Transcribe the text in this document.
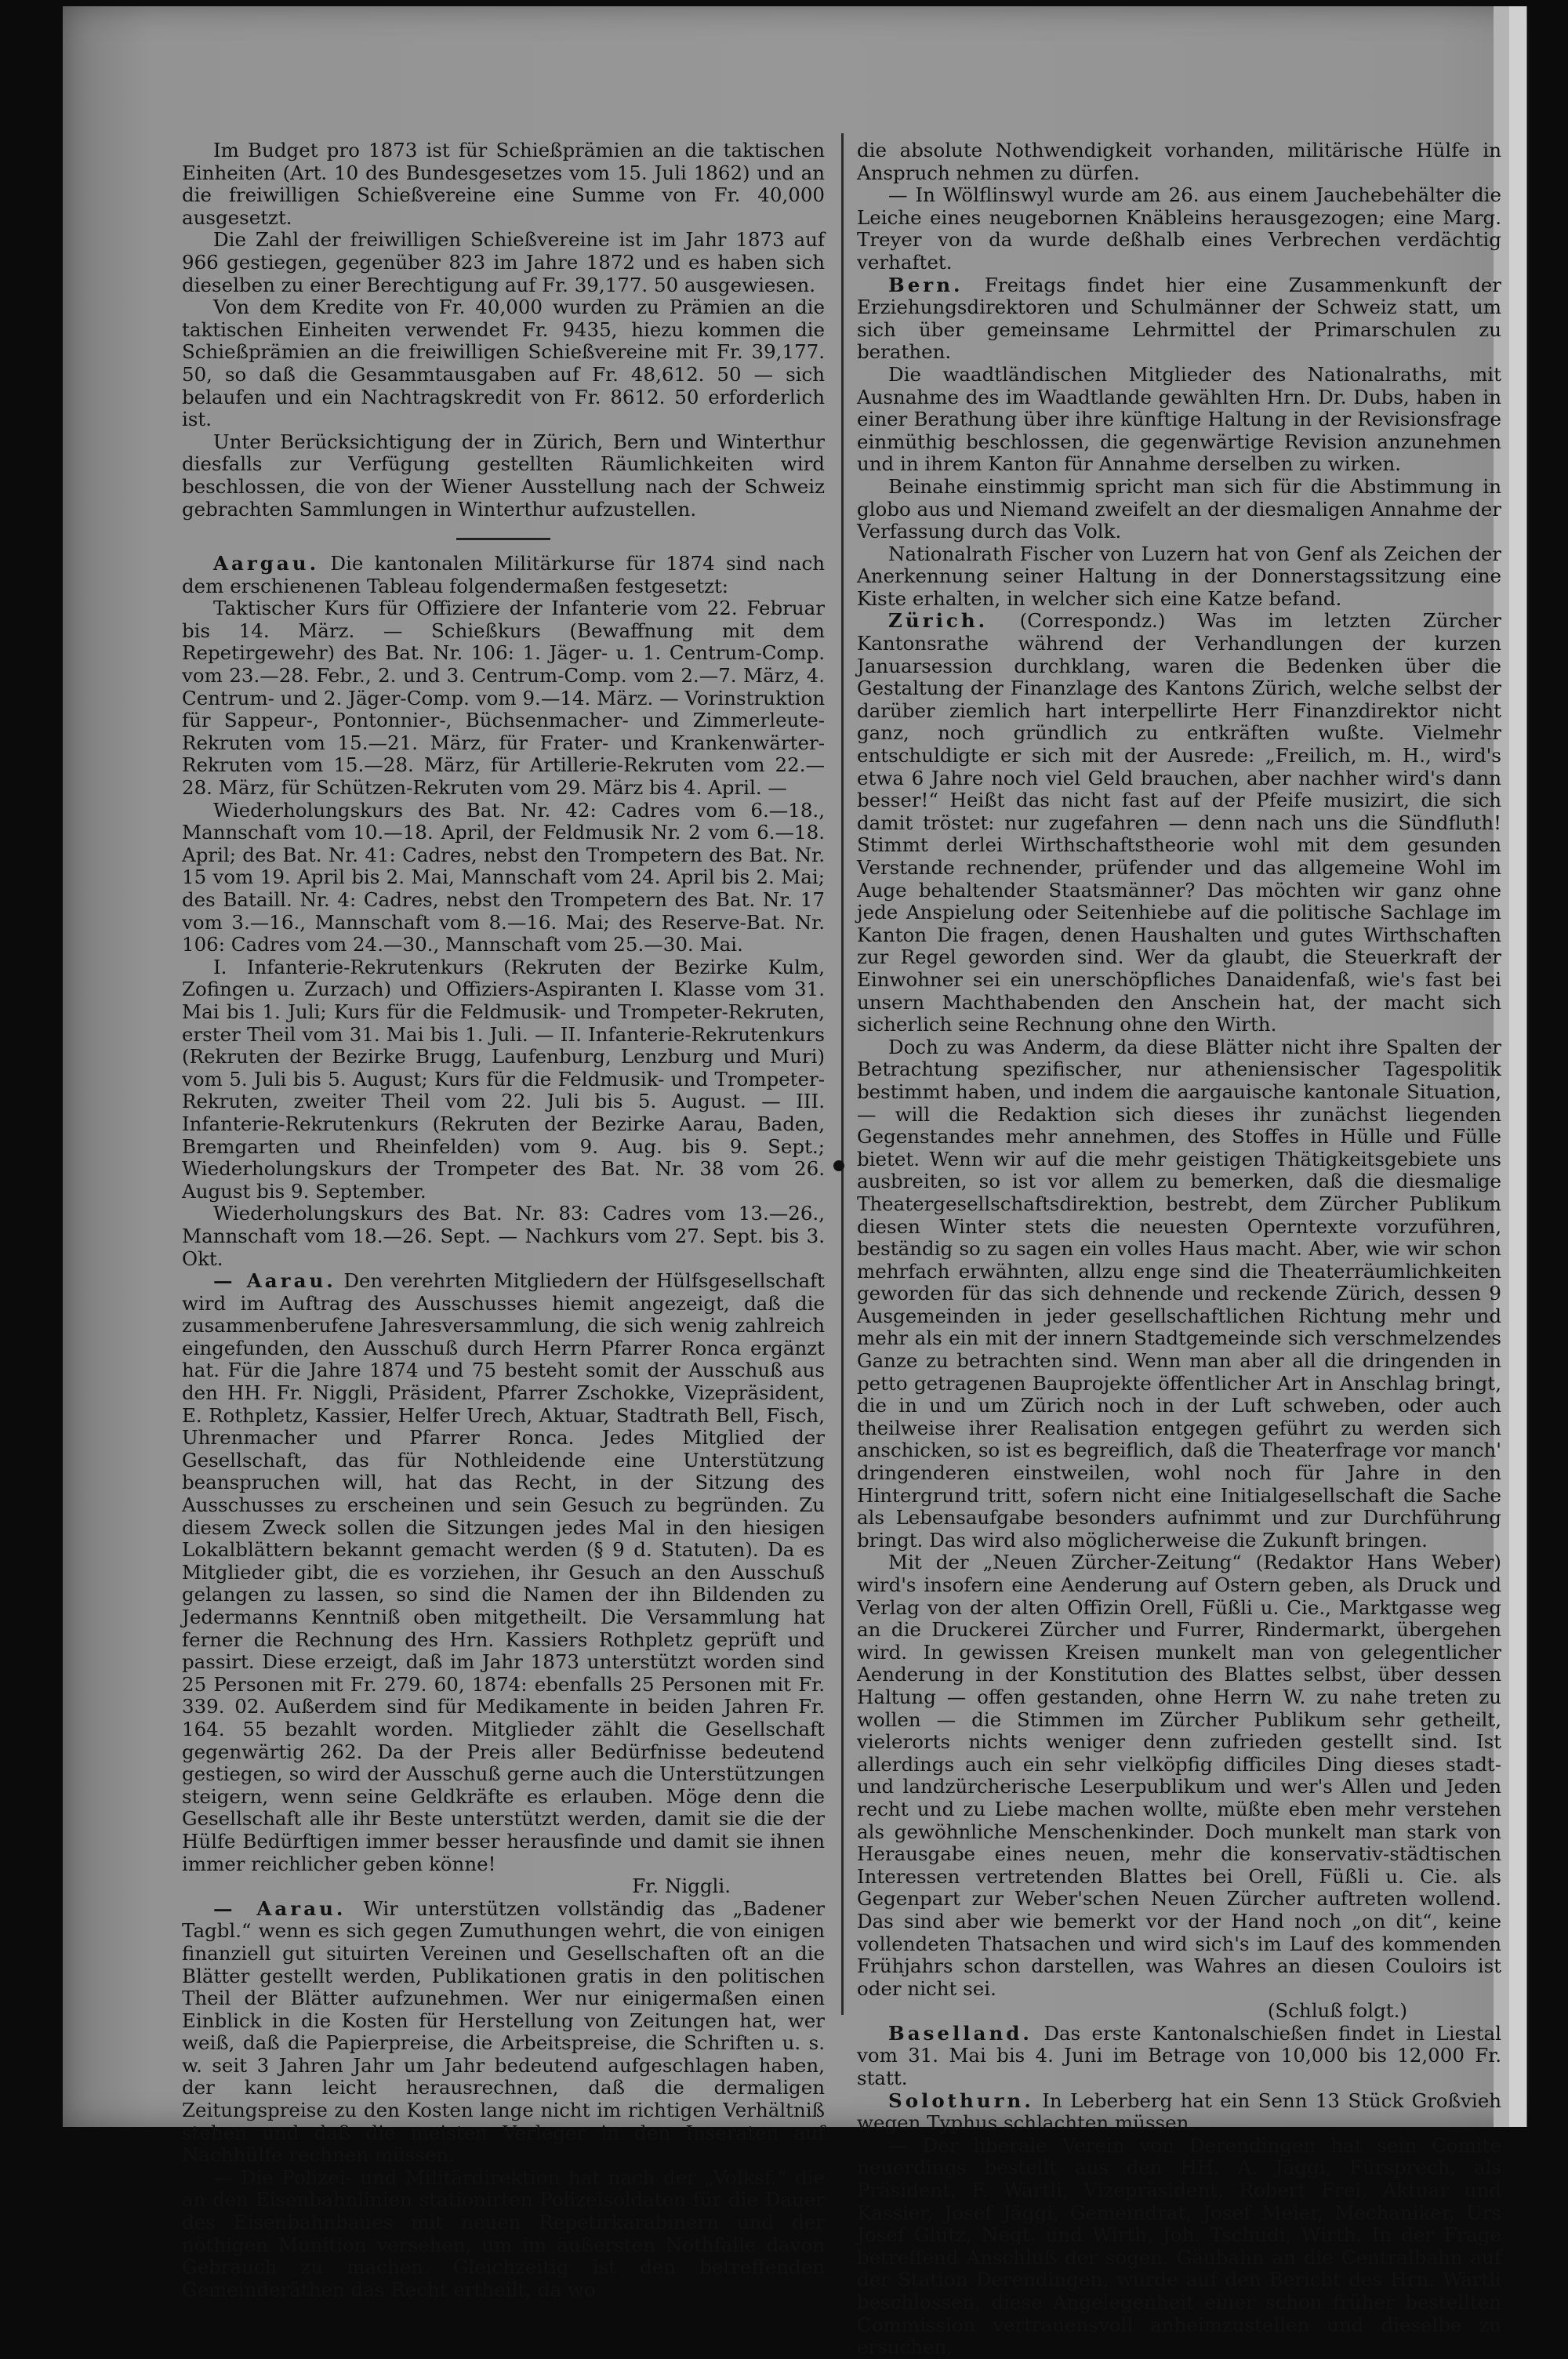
Im Budget pro 1873 ist für Schießprämien an die taktischen Einheiten (Art. 10 des Bundesgesetzes vom 15. Juli 1862) und an die freiwilligen Schießvereine eine Summe von Fr. 40,000 ausgesetzt.

Die Zahl der freiwilligen Schießvereine ist im Jahr 1873 auf 966 gestiegen, gegenüber 823 im Jahre 1872 und es haben sich dieselben zu einer Berechtigung auf Fr. 39,177. 50 ausgewiesen.

Von dem Kredite von Fr. 40,000 wurden zu Prämien an die taktischen Einheiten verwendet Fr. 9435, hiezu kommen die Schießprämien an die freiwilligen Schießvereine mit Fr. 39,177. 50, so daß die Gesammtausgaben auf Fr. 48,612. 50 — sich belaufen und ein Nachtragskredit von Fr. 8612. 50 erforderlich ist.

Unter Berücksichtigung der in Zürich, Bern und Winterthur diesfalls zur Verfügung gestellten Räumlichkeiten wird beschlossen, die von der Wiener Ausstellung nach der Schweiz gebrachten Sammlungen in Winterthur aufzustellen.

Aargau. Die kantonalen Militärkurse für 1874 sind nach dem erschienenen Tableau folgendermaßen festgesetzt:

Taktischer Kurs für Offiziere der Infanterie vom 22. Februar bis 14. März. — Schießkurs (Bewaffnung mit dem Repetirgewehr) des Bat. Nr. 106: 1. Jäger- u. 1. Centrum-Comp. vom 23.—28. Febr., 2. und 3. Centrum-Comp. vom 2.—7. März, 4. Centrum- und 2. Jäger-Comp. vom 9.—14. März. — Vorinstruktion für Sappeur-, Pontonnier-, Büchsenmacher- und Zimmerleute-Rekruten vom 15.—21. März, für Frater- und Krankenwärter-Rekruten vom 15.—28. März, für Artillerie-Rekruten vom 22.—28. März, für Schützen-Rekruten vom 29. März bis 4. April. —

Wiederholungskurs des Bat. Nr. 42: Cadres vom 6.—18., Mannschaft vom 10.—18. April, der Feldmusik Nr. 2 vom 6.—18. April; des Bat. Nr. 41: Cadres, nebst den Trompetern des Bat. Nr. 15 vom 19. April bis 2. Mai, Mannschaft vom 24. April bis 2. Mai; des Bataill. Nr. 4: Cadres, nebst den Trompetern des Bat. Nr. 17 vom 3.—16., Mannschaft vom 8.—16. Mai; des Reserve-Bat. Nr. 106: Cadres vom 24.—30., Mannschaft vom 25.—30. Mai.

I. Infanterie-Rekrutenkurs (Rekruten der Bezirke Kulm, Zofingen u. Zurzach) und Offiziers-Aspiranten I. Klasse vom 31. Mai bis 1. Juli; Kurs für die Feldmusik- und Trompeter-Rekruten, erster Theil vom 31. Mai bis 1. Juli. — II. Infanterie-Rekrutenkurs (Rekruten der Bezirke Brugg, Laufenburg, Lenzburg und Muri) vom 5. Juli bis 5. August; Kurs für die Feldmusik- und Trompeter-Rekruten, zweiter Theil vom 22. Juli bis 5. August. — III. Infanterie-Rekrutenkurs (Rekruten der Bezirke Aarau, Baden, Bremgarten und Rheinfelden) vom 9. Aug. bis 9. Sept.; Wiederholungskurs der Trompeter des Bat. Nr. 38 vom 26. August bis 9. September.

Wiederholungskurs des Bat. Nr. 83: Cadres vom 13.—26., Mannschaft vom 18.—26. Sept. — Nachkurs vom 27. Sept. bis 3. Okt.

— Aarau. Den verehrten Mitgliedern der Hülfsgesellschaft wird im Auftrag des Ausschusses hiemit angezeigt, daß die zusammenberufene Jahresversammlung, die sich wenig zahlreich eingefunden, den Ausschuß durch Herrn Pfarrer Ronca ergänzt hat. Für die Jahre 1874 und 75 besteht somit der Ausschuß aus den HH. Fr. Niggli, Präsident, Pfarrer Zschokke, Vizepräsident, E. Rothpletz, Kassier, Helfer Urech, Aktuar, Stadtrath Bell, Fisch, Uhrenmacher und Pfarrer Ronca. Jedes Mitglied der Gesellschaft, das für Nothleidende eine Unterstützung beanspruchen will, hat das Recht, in der Sitzung des Ausschusses zu erscheinen und sein Gesuch zu begründen. Zu diesem Zweck sollen die Sitzungen jedes Mal in den hiesigen Lokalblättern bekannt gemacht werden (§ 9 d. Statuten). Da es Mitglieder gibt, die es vorziehen, ihr Gesuch an den Ausschuß gelangen zu lassen, so sind die Namen der ihn Bildenden zu Jedermanns Kenntniß oben mitgetheilt. Die Versammlung hat ferner die Rechnung des Hrn. Kassiers Rothpletz geprüft und passirt. Diese erzeigt, daß im Jahr 1873 unterstützt worden sind 25 Personen mit Fr. 279. 60, 1874: ebenfalls 25 Personen mit Fr. 339. 02. Außerdem sind für Medikamente in beiden Jahren Fr. 164. 55 bezahlt worden. Mitglieder zählt die Gesellschaft gegenwärtig 262. Da der Preis aller Bedürfnisse bedeutend gestiegen, so wird der Ausschuß gerne auch die Unterstützungen steigern, wenn seine Geldkräfte es erlauben. Möge denn die Gesellschaft alle ihr Beste unterstützt werden, damit sie die der Hülfe Bedürftigen immer besser herausfinde und damit sie ihnen immer reichlicher geben könne!

Fr. Niggli.

— Aarau. Wir unterstützen vollständig das „Badener Tagbl.“ wenn es sich gegen Zumuthungen wehrt, die von einigen finanziell gut situirten Vereinen und Gesellschaften oft an die Blätter gestellt werden, Publikationen gratis in den politischen Theil der Blätter aufzunehmen. Wer nur einigermaßen einen Einblick in die Kosten für Herstellung von Zeitungen hat, wer weiß, daß die Papierpreise, die Arbeitspreise, die Schriften u. s. w. seit 3 Jahren Jahr um Jahr bedeutend aufgeschlagen haben, der kann leicht herausrechnen, daß die dermaligen Zeitungspreise zu den Kosten lange nicht im richtigen Verhältniß stehen und daß die meisten Verleger in den Inseraten auf Nachhülfe rechnen müssen.

— Die Polizei- und Militärdirektion hat nach der „Volksf.“ die an den Eisenbahnlinien stationirten Polizeisoldaten für die Dauer des Eisenbahnbaues mit neuen Repetirkarabinern und der nöthigen Munition versehen, um im äußersten Nothfalle davon Gebrauch zu machen. Gleichzeitig ist den betreffenden Gemeinderäthen das Recht ertheilt, da wo

die absolute Nothwendigkeit vorhanden, militärische Hülfe in Anspruch nehmen zu dürfen.

— In Wölflinswyl wurde am 26. aus einem Jauchebehälter die Leiche eines neugebornen Knäbleins herausgezogen; eine Marg. Treyer von da wurde deßhalb eines Verbrechen verdächtig verhaftet.

Bern. Freitags findet hier eine Zusammenkunft der Erziehungsdirektoren und Schulmänner der Schweiz statt, um sich über gemeinsame Lehrmittel der Primarschulen zu berathen.

Die waadtländischen Mitglieder des Nationalraths, mit Ausnahme des im Waadtlande gewählten Hrn. Dr. Dubs, haben in einer Berathung über ihre künftige Haltung in der Revisionsfrage einmüthig beschlossen, die gegenwärtige Revision anzunehmen und in ihrem Kanton für Annahme derselben zu wirken.

Beinahe einstimmig spricht man sich für die Abstimmung in globo aus und Niemand zweifelt an der diesmaligen Annahme der Verfassung durch das Volk.

Nationalrath Fischer von Luzern hat von Genf als Zeichen der Anerkennung seiner Haltung in der Donnerstagssitzung eine Kiste erhalten, in welcher sich eine Katze befand.

Zürich. (Correspondz.) Was im letzten Zürcher Kantonsrathe während der Verhandlungen der kurzen Januarsession durchklang, waren die Bedenken über die Gestaltung der Finanzlage des Kantons Zürich, welche selbst der darüber ziemlich hart interpellirte Herr Finanzdirektor nicht ganz, noch gründlich zu entkräften wußte. Vielmehr entschuldigte er sich mit der Ausrede: „Freilich, m. H., wird's etwa 6 Jahre noch viel Geld brauchen, aber nachher wird's dann besser!“ Heißt das nicht fast auf der Pfeife musizirt, die sich damit tröstet: nur zugefahren — denn nach uns die Sündfluth! Stimmt derlei Wirthschaftstheorie wohl mit dem gesunden Verstande rechnender, prüfender und das allgemeine Wohl im Auge behaltender Staatsmänner? Das möchten wir ganz ohne jede Anspielung oder Seitenhiebe auf die politische Sachlage im Kanton Die fragen, denen Haushalten und gutes Wirthschaften zur Regel geworden sind. Wer da glaubt, die Steuerkraft der Einwohner sei ein unerschöpfliches Danaidenfaß, wie's fast bei unsern Machthabenden den Anschein hat, der macht sich sicherlich seine Rechnung ohne den Wirth.

Doch zu was Anderm, da diese Blätter nicht ihre Spalten der Betrachtung spezifischer, nur atheniensischer Tagespolitik bestimmt haben, und indem die aargauische kantonale Situation, — will die Redaktion sich dieses ihr zunächst liegenden Gegenstandes mehr annehmen, des Stoffes in Hülle und Fülle bietet. Wenn wir auf die mehr geistigen Thätigkeitsgebiete uns ausbreiten, so ist vor allem zu bemerken, daß die diesmalige Theatergesellschaftsdirektion, bestrebt, dem Zürcher Publikum diesen Winter stets die neuesten Operntexte vorzuführen, beständig so zu sagen ein volles Haus macht. Aber, wie wir schon mehrfach erwähnten, allzu enge sind die Theaterräumlichkeiten geworden für das sich dehnende und reckende Zürich, dessen 9 Ausgemeinden in jeder gesellschaftlichen Richtung mehr und mehr als ein mit der innern Stadtgemeinde sich verschmelzendes Ganze zu betrachten sind. Wenn man aber all die dringenden in petto getragenen Bauprojekte öffentlicher Art in Anschlag bringt, die in und um Zürich noch in der Luft schweben, oder auch theilweise ihrer Realisation entgegen geführt zu werden sich anschicken, so ist es begreiflich, daß die Theaterfrage vor manch' dringenderen einstweilen, wohl noch für Jahre in den Hintergrund tritt, sofern nicht eine Initialgesellschaft die Sache als Lebensaufgabe besonders aufnimmt und zur Durchführung bringt. Das wird also möglicherweise die Zukunft bringen.

Mit der „Neuen Zürcher-Zeitung“ (Redaktor Hans Weber) wird's insofern eine Aenderung auf Ostern geben, als Druck und Verlag von der alten Offizin Orell, Füßli u. Cie., Marktgasse weg an die Druckerei Zürcher und Furrer, Rindermarkt, übergehen wird. In gewissen Kreisen munkelt man von gelegentlicher Aenderung in der Konstitution des Blattes selbst, über dessen Haltung — offen gestanden, ohne Herrn W. zu nahe treten zu wollen — die Stimmen im Zürcher Publikum sehr getheilt, vielerorts nichts weniger denn zufrieden gestellt sind. Ist allerdings auch ein sehr vielköpfig difficiles Ding dieses stadt- und landzürcherische Leserpublikum und wer's Allen und Jeden recht und zu Liebe machen wollte, müßte eben mehr verstehen als gewöhnliche Menschenkinder. Doch munkelt man stark von Herausgabe eines neuen, mehr die konservativ-städtischen Interessen vertretenden Blattes bei Orell, Füßli u. Cie. als Gegenpart zur Weber'schen Neuen Zürcher auftreten wollend. Das sind aber wie bemerkt vor der Hand noch „on dit“, keine vollendeten Thatsachen und wird sich's im Lauf des kommenden Frühjahrs schon darstellen, was Wahres an diesen Couloirs ist oder nicht sei.

(Schluß folgt.)

Baselland. Das erste Kantonalschießen findet in Liestal vom 31. Mai bis 4. Juni im Betrage von 10,000 bis 12,000 Fr. statt.

Solothurn. In Leberberg hat ein Senn 13 Stück Großvieh wegen Typhus schlachten müssen.

— Der liberale Verein von Derendingen hat sein Comite neuerdings bestellt aus den HH. A. Jäggi, Fürsprech, als Präsident, F. Wärtli, Vizepräsident, Robert Frei, Aktuar und Kassier, Josef Jäggi, Gemeindrat, Josef Meier, Mechaniker, Urs Josef Glutz, Negt. und Wirth, Joh. Tschudi, Wirth. In der Frage betreffend Anschluß der sogen. Gäubahn an die Centralbahn auf der Station Derendingen, wurde auf den Bericht des Hrn. Wärtli beschlossen, diese Angelegenheit einer schon früher bestellten Commission vertrauensvoll anheimzustellen und dieselbe zu ersuchen,
